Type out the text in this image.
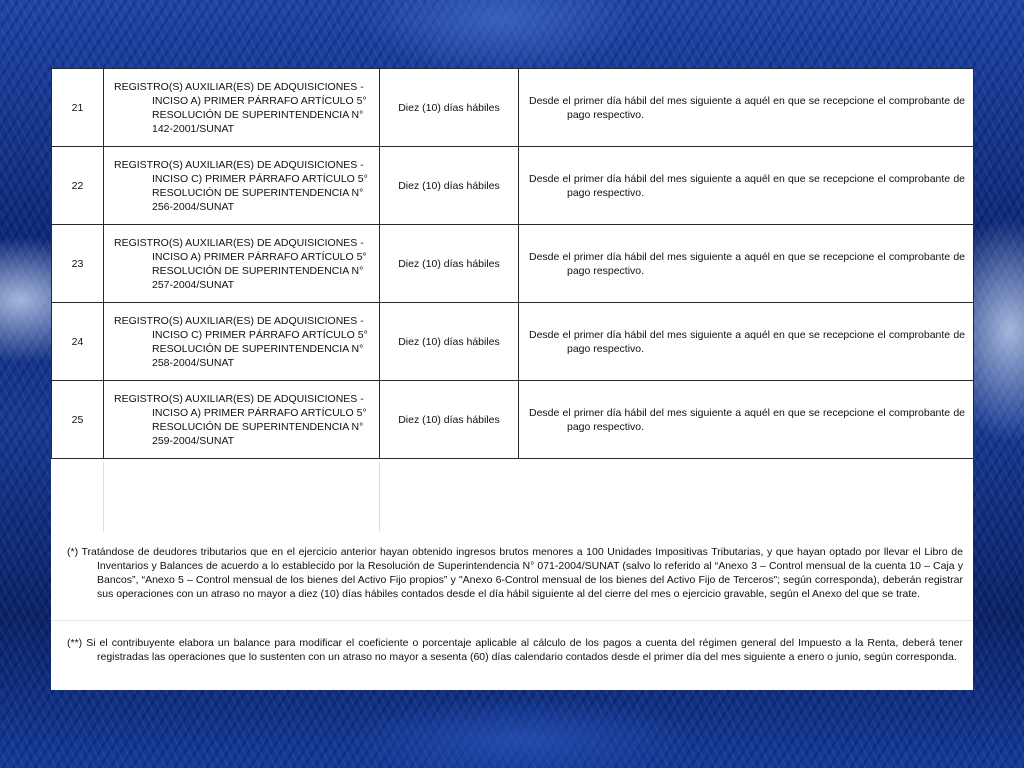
21	REGISTRO(S) AUXILIAR(ES) DE ADQUISICIONES - INCISO A) PRIMER PÁRRAFO ARTÍCULO 5° RESOLUCIÓN DE SUPERINTENDENCIA N° 142-2001/SUNAT	Diez (10) días hábiles	Desde el primer día hábil del mes siguiente a aquél en que se recepcione el comprobante de pago respectivo.

22	REGISTRO(S) AUXILIAR(ES) DE ADQUISICIONES - INCISO C) PRIMER PÁRRAFO ARTÍCULO 5° RESOLUCIÓN DE SUPERINTENDENCIA N° 256-2004/SUNAT	Diez (10) días hábiles	Desde el primer día hábil del mes siguiente a aquél en que se recepcione el comprobante de pago respectivo.

23	REGISTRO(S) AUXILIAR(ES) DE ADQUISICIONES - INCISO A) PRIMER PÁRRAFO ARTÍCULO 5° RESOLUCIÓN DE SUPERINTENDENCIA N° 257-2004/SUNAT	Diez (10) días hábiles	Desde el primer día hábil del mes siguiente a aquél en que se recepcione el comprobante de pago respectivo.

24	REGISTRO(S) AUXILIAR(ES) DE ADQUISICIONES - INCISO C) PRIMER PÁRRAFO ARTÍCULO 5° RESOLUCIÓN DE SUPERINTENDENCIA N° 258-2004/SUNAT	Diez (10) días hábiles	Desde el primer día hábil del mes siguiente a aquél en que se recepcione el comprobante de pago respectivo.

25	REGISTRO(S) AUXILIAR(ES) DE ADQUISICIONES - INCISO A) PRIMER PÁRRAFO ARTÍCULO 5° RESOLUCIÓN DE SUPERINTENDENCIA N° 259-2004/SUNAT	Diez (10) días hábiles	Desde el primer día hábil del mes siguiente a aquél en que se recepcione el comprobante de pago respectivo.
(*) Tratándose de deudores tributarios que en el ejercicio anterior hayan obtenido ingresos brutos menores a 100 Unidades Impositivas Tributarias, y que hayan optado por llevar el Libro de Inventarios y Balances de acuerdo a lo establecido por la Resolución de Superintendencia N° 071-2004/SUNAT (salvo lo referido al “Anexo 3 – Control mensual de la cuenta 10 – Caja y Bancos”, “Anexo 5 – Control mensual de los bienes del Activo Fijo propios” y "Anexo 6-Control mensual de los bienes del Activo Fijo de Terceros"; según corresponda), deberán registrar sus operaciones con un atraso no mayor a diez (10) días hábiles contados desde el día hábil siguiente al del cierre del mes o ejercicio gravable, según el Anexo del que se trate.
(**) Si el contribuyente elabora un balance para modificar el coeficiente o porcentaje aplicable al cálculo de los pagos a cuenta del régimen general del Impuesto a la Renta, deberá tener registradas las operaciones que lo sustenten con un atraso no mayor a sesenta (60) días calendario contados desde el primer día del mes siguiente a enero o junio, según corresponda.
